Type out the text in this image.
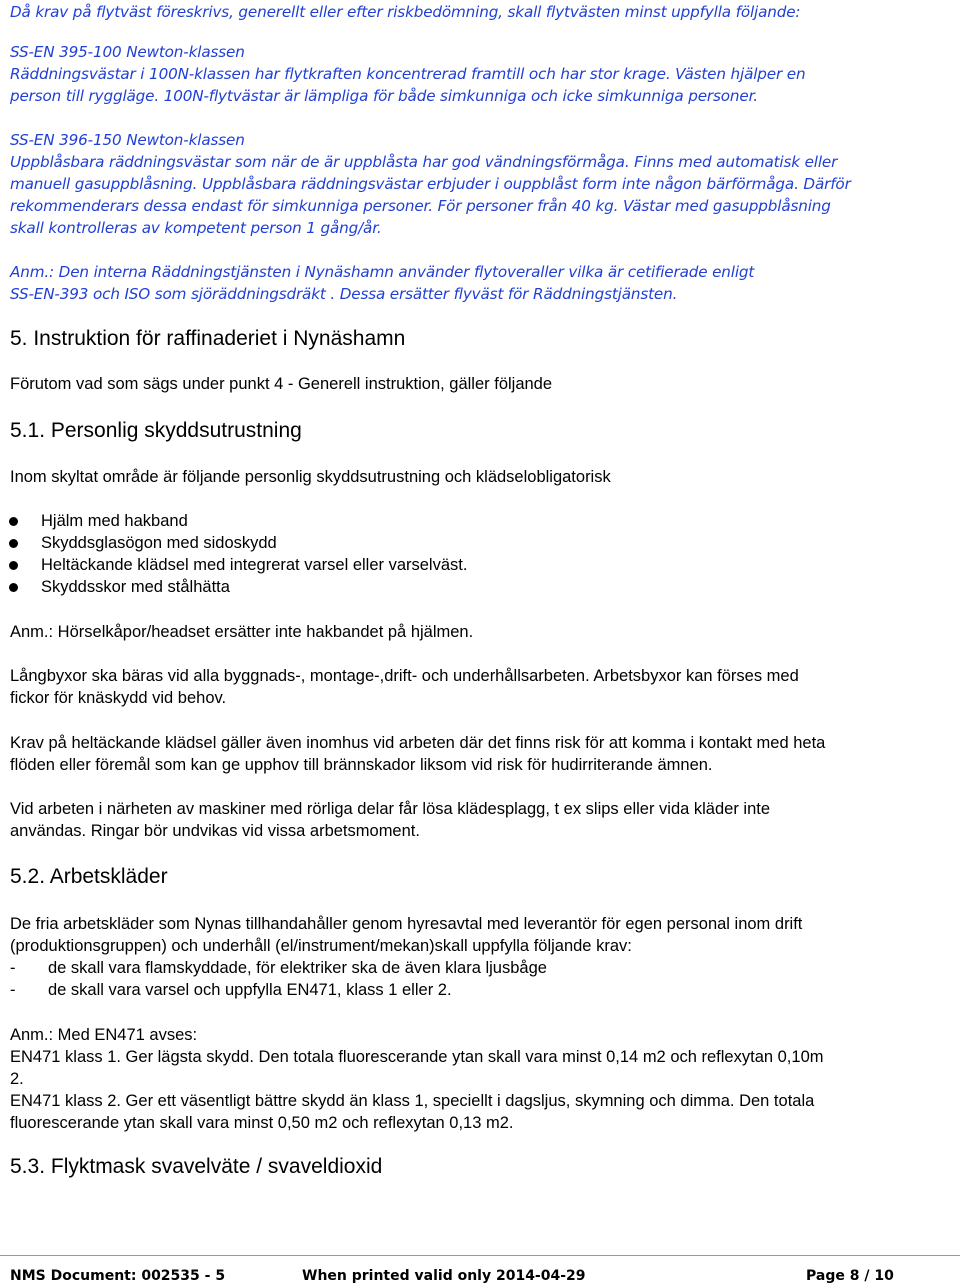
Då krav på flytväst föreskrivs, generellt eller efter riskbedömning, skall flytvästen minst uppfylla följande:
SS-EN 395-100 Newton-klassen
Räddningsvästar i 100N-klassen har flytkraften koncentrerad framtill och har stor krage. Västen hjälper en
person till ryggläge. 100N-flytvästar är lämpliga för både simkunniga och icke simkunniga personer.
SS-EN 396-150 Newton-klassen
Uppblåsbara räddningsvästar som när de är uppblåsta har god vändningsförmåga. Finns med automatisk eller
manuell gasuppblåsning. Uppblåsbara räddningsvästar erbjuder i ouppblåst form inte någon bärförmåga. Därför
rekommenderars dessa endast för simkunniga personer. För personer från 40 kg. Västar med gasuppblåsning
skall kontrolleras av kompetent person 1 gång/år.
Anm.: Den interna Räddningstjänsten i Nynäshamn använder flytoveraller vilka är cetifierade enligt
SS-EN-393 och ISO som sjöräddningsdräkt . Dessa ersätter flyväst för Räddningstjänsten.
5. Instruktion för raffinaderiet i Nynäshamn
Förutom vad som sägs under punkt 4 - Generell instruktion, gäller följande
5.1. Personlig skyddsutrustning
Inom skyltat område är följande personlig skyddsutrustning och klädselobligatorisk
Hjälm med hakband
Skyddsglasögon med sidoskydd
Heltäckande klädsel med integrerat varsel eller varselväst.
Skyddsskor med stålhätta
Anm.: Hörselkåpor/headset ersätter inte hakbandet på hjälmen.
Långbyxor ska bäras vid alla byggnads-, montage-,drift- och underhållsarbeten. Arbetsbyxor kan förses med
fickor för knäskydd vid behov.
Krav på heltäckande klädsel gäller även inomhus vid arbeten där det finns risk för att komma i kontakt med heta
flöden eller föremål som kan ge upphov till brännskador liksom vid risk för hudirriterande ämnen.
Vid arbeten i närheten av maskiner med rörliga delar får lösa klädesplagg, t ex slips eller vida kläder inte
användas. Ringar bör undvikas vid vissa arbetsmoment.
5.2. Arbetskläder
De fria arbetskläder som Nynas tillhandahåller genom hyresavtal med leverantör för egen personal inom drift
(produktionsgruppen) och underhåll (el/instrument/mekan)skall uppfylla följande krav:
- de skall vara flamskyddade, för elektriker ska de även klara ljusbåge
- de skall vara varsel och uppfylla EN471, klass 1 eller 2.
Anm.: Med EN471 avses:
EN471 klass 1. Ger lägsta skydd. Den totala fluorescerande ytan skall vara minst 0,14 m2 och reflexytan 0,10m
2.
EN471 klass 2. Ger ett väsentligt bättre skydd än klass 1, speciellt i dagsljus, skymning och dimma. Den totala
fluorescerande ytan skall vara minst 0,50 m2 och reflexytan 0,13 m2.
5.3. Flyktmask svavelväte / svaveldioxid
NMS Document: 002535 - 5	When printed valid only 2014-04-29	Page 8 / 10
